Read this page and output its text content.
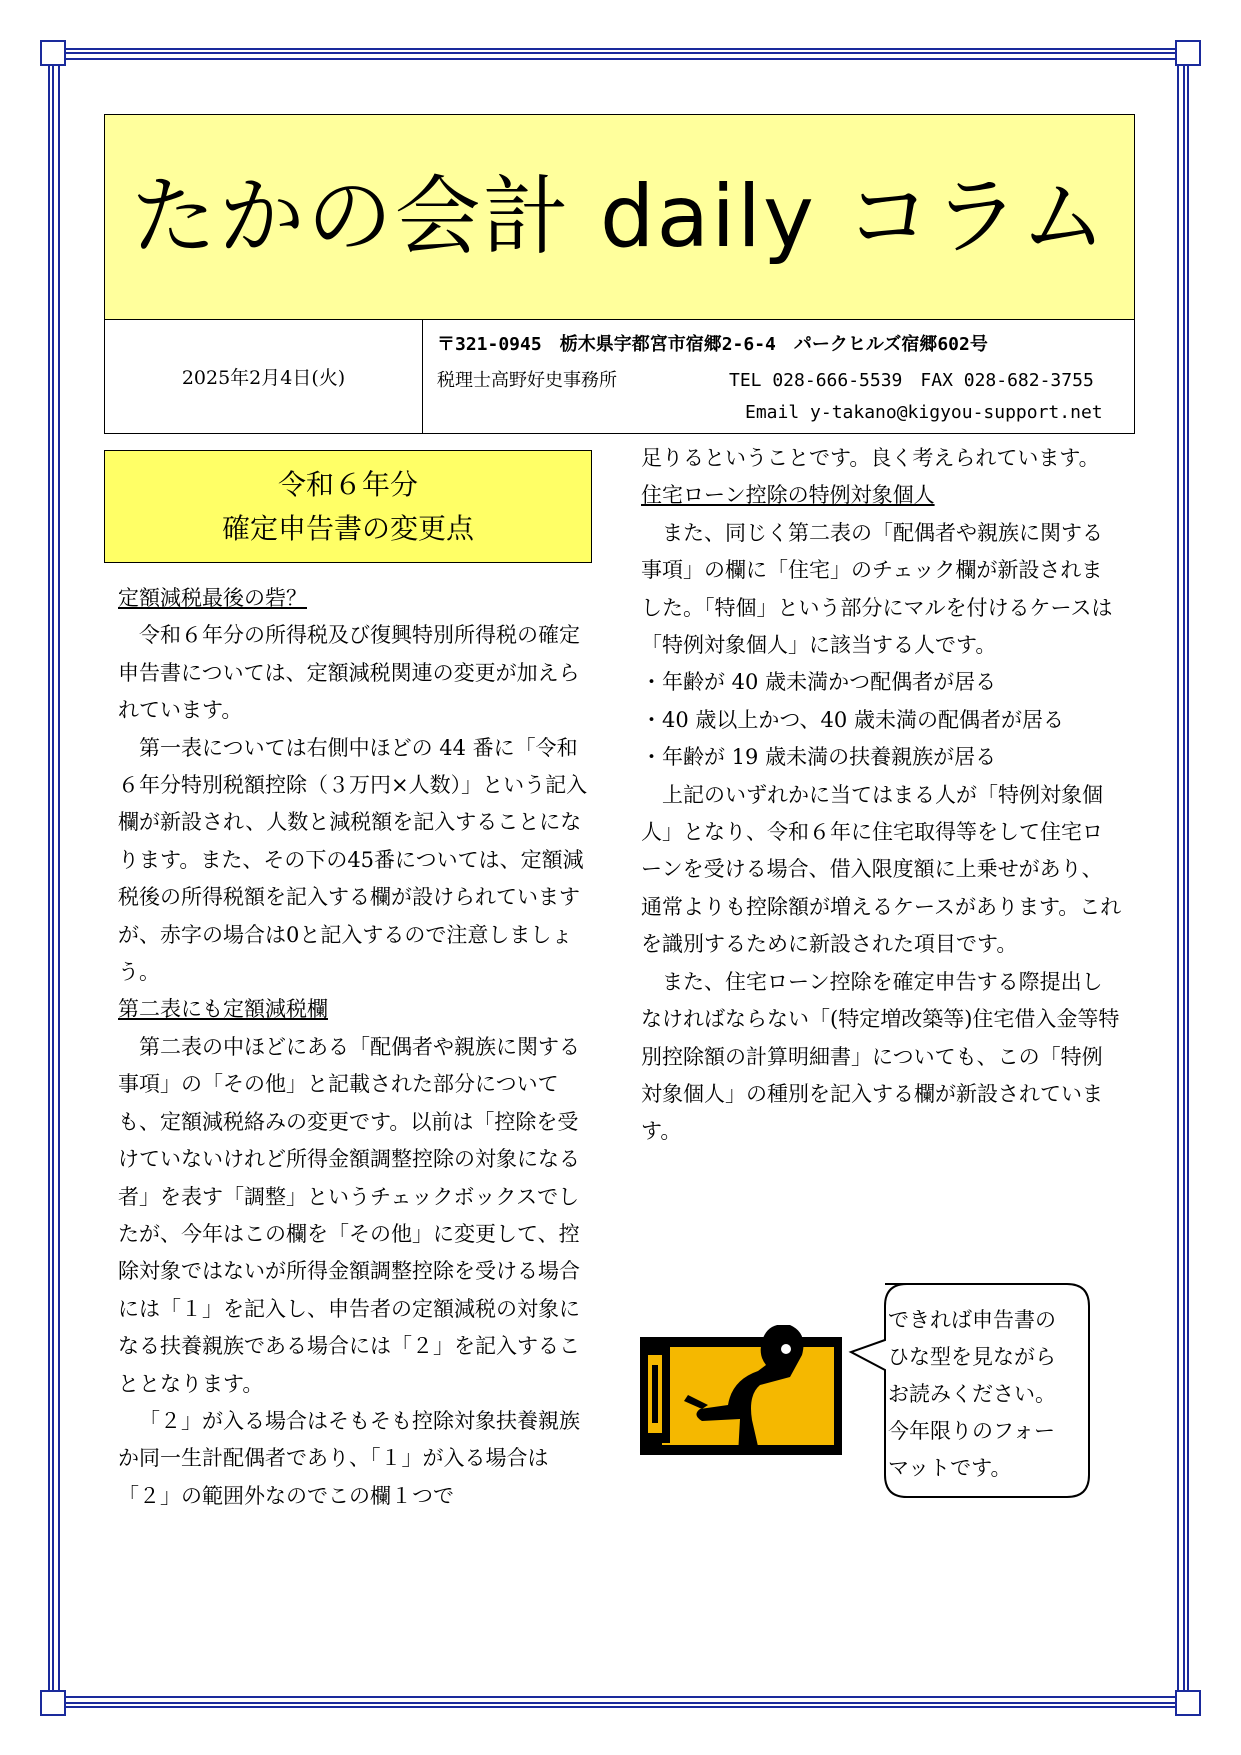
たかの会計 daily コラム
2025年2月4日(火)
〒321-0945　栃木県宇都宮市宿郷2-6-4　パークヒルズ宿郷602号
税理士高野好史事務所	TEL 028-666-5539　FAX 028-682-3755
Email y-takano@kigyou-support.net
令和６年分
確定申告書の変更点

定額減税最後の砦？

令和６年分の所得税及び復興特別所得税の確定申告書については、定額減税関連の変更が加えられています。

第一表については右側中ほどの 44 番に「令和６年分特別税額控除（３万円×人数）」という記入欄が新設され、人数と減税額を記入することになります。また、その下の45番については、定額減税後の所得税額を記入する欄が設けられていますが、赤字の場合は0と記入するので注意しましょう。

第二表にも定額減税欄

第二表の中ほどにある「配偶者や親族に関する事項」の「その他」と記載された部分についても、定額減税絡みの変更です。以前は「控除を受けていないけれど所得金額調整控除の対象になる者」を表す「調整」というチェックボックスでしたが、今年はこの欄を「その他」に変更して、控除対象ではないが所得金額調整控除を受ける場合には「１」を記入し、申告者の定額減税の対象になる扶養親族である場合には「２」を記入することとなります。

「２」が入る場合はそもそも控除対象扶養親族か同一生計配偶者であり、「１」が入る場合は「２」の範囲外なのでこの欄１つで

足りるということです。良く考えられています。

住宅ローン控除の特例対象個人

また、同じく第二表の「配偶者や親族に関する事項」の欄に「住宅」のチェック欄が新設されました。「特個」という部分にマルを付けるケースは「特例対象個人」に該当する人です。

・年齢が 40 歳未満かつ配偶者が居る

・40 歳以上かつ、40 歳未満の配偶者が居る

・年齢が 19 歳未満の扶養親族が居る

上記のいずれかに当てはまる人が「特例対象個人」となり、令和６年に住宅取得等をして住宅ローンを受ける場合、借入限度額に上乗せがあり、通常よりも控除額が増えるケースがあります。これを識別するために新設された項目です。

また、住宅ローン控除を確定申告する際提出しなければならない「(特定増改築等)住宅借入金等特別控除額の計算明細書」についても、この「特例対象個人」の種別を記入する欄が新設されています。

できれば申告書の

ひな型を見ながら

お読みください。

今年限りのフォー

マットです。
